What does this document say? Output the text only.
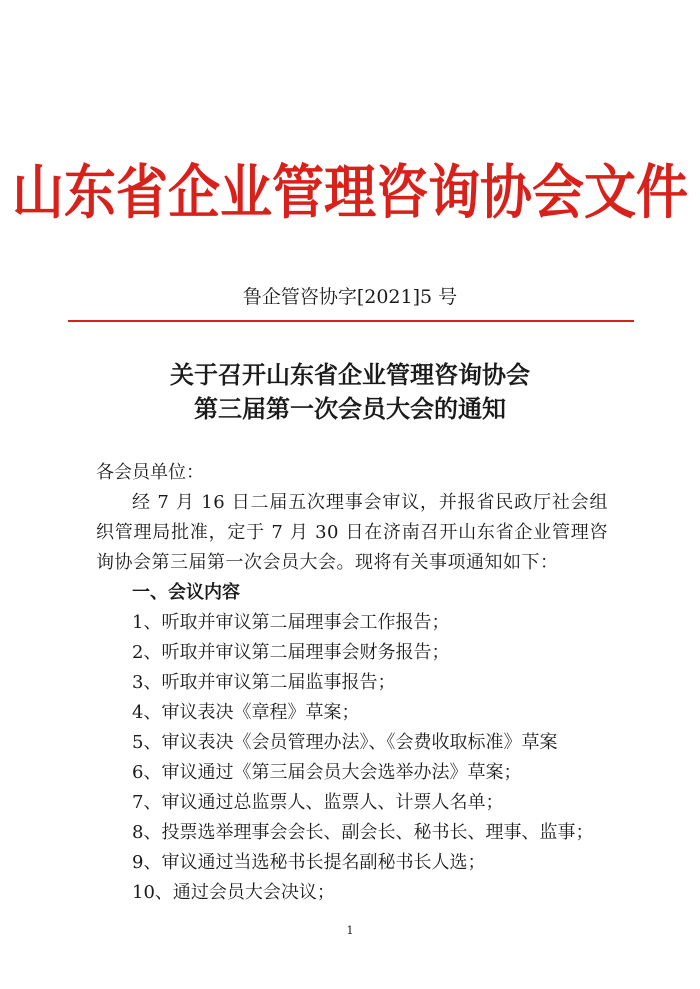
山东省企业管理咨询协会文件
鲁企管咨协字[2021]5 号
关于召开山东省企业管理咨询协会
第三届第一次会员大会的通知

各会员单位：

经 7 月 16 日二届五次理事会审议，并报省民政厅社会组织管理局批准，定于 7 月 30 日在济南召开山东省企业管理咨询协会第三届第一次会员大会。现将有关事项通知如下：

一、会议内容

1、听取并审议第二届理事会工作报告；
2、听取并审议第二届理事会财务报告；
3、听取并审议第二届监事报告；
4、审议表决《章程》草案；
5、审议表决《会员管理办法》、《会费收取标准》草案
6、审议通过《第三届会员大会选举办法》草案；
7、审议通过总监票人、监票人、计票人名单；
8、投票选举理事会会长、副会长、秘书长、理事、监事；
9、审议通过当选秘书长提名副秘书长人选；
10、通过会员大会决议；
1
